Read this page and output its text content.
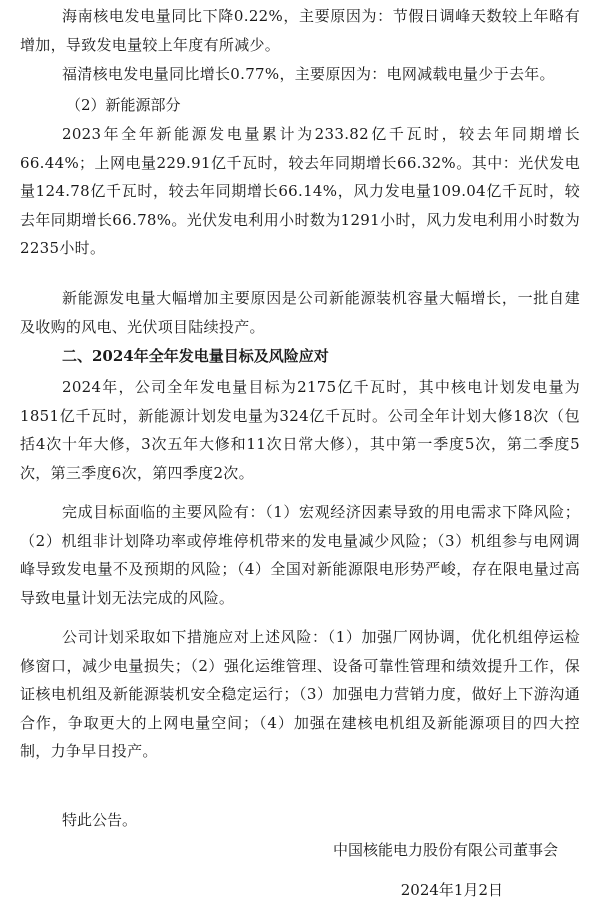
海南核电发电量同比下降0.22%，主要原因为：节假日调峰天数较上年略有增加，导致发电量较上年度有所减少。

福清核电发电量同比增长0.77%，主要原因为：电网减载电量少于去年。

（2）新能源部分

2023年全年新能源发电量累计为233.82亿千瓦时，较去年同期增长66.44%；上网电量229.91亿千瓦时，较去年同期增长66.32%。其中：光伏发电量124.78亿千瓦时，较去年同期增长66.14%，风力发电量109.04亿千瓦时，较去年同期增长66.78%。光伏发电利用小时数为1291小时，风力发电利用小时数为2235小时。

新能源发电量大幅增加主要原因是公司新能源装机容量大幅增长，一批自建及收购的风电、光伏项目陆续投产。

二、2024年全年发电量目标及风险应对

2024年，公司全年发电量目标为2175亿千瓦时，其中核电计划发电量为1851亿千瓦时，新能源计划发电量为324亿千瓦时。公司全年计划大修18次（包括4次十年大修，3次五年大修和11次日常大修），其中第一季度5次，第二季度5次，第三季度6次，第四季度2次。

完成目标面临的主要风险有：（1）宏观经济因素导致的用电需求下降风险；（2）机组非计划降功率或停堆停机带来的发电量减少风险；（3）机组参与电网调峰导致发电量不及预期的风险；（4）全国对新能源限电形势严峻，存在限电量过高导致电量计划无法完成的风险。

公司计划采取如下措施应对上述风险：（1）加强厂网协调，优化机组停运检修窗口，减少电量损失；（2）强化运维管理、设备可靠性管理和绩效提升工作，保证核电机组及新能源装机安全稳定运行；（3）加强电力营销力度，做好上下游沟通合作，争取更大的上网电量空间；（4）加强在建核电机组及新能源项目的四大控制，力争早日投产。

特此公告。

中国核能电力股份有限公司董事会

2024年1月2日
